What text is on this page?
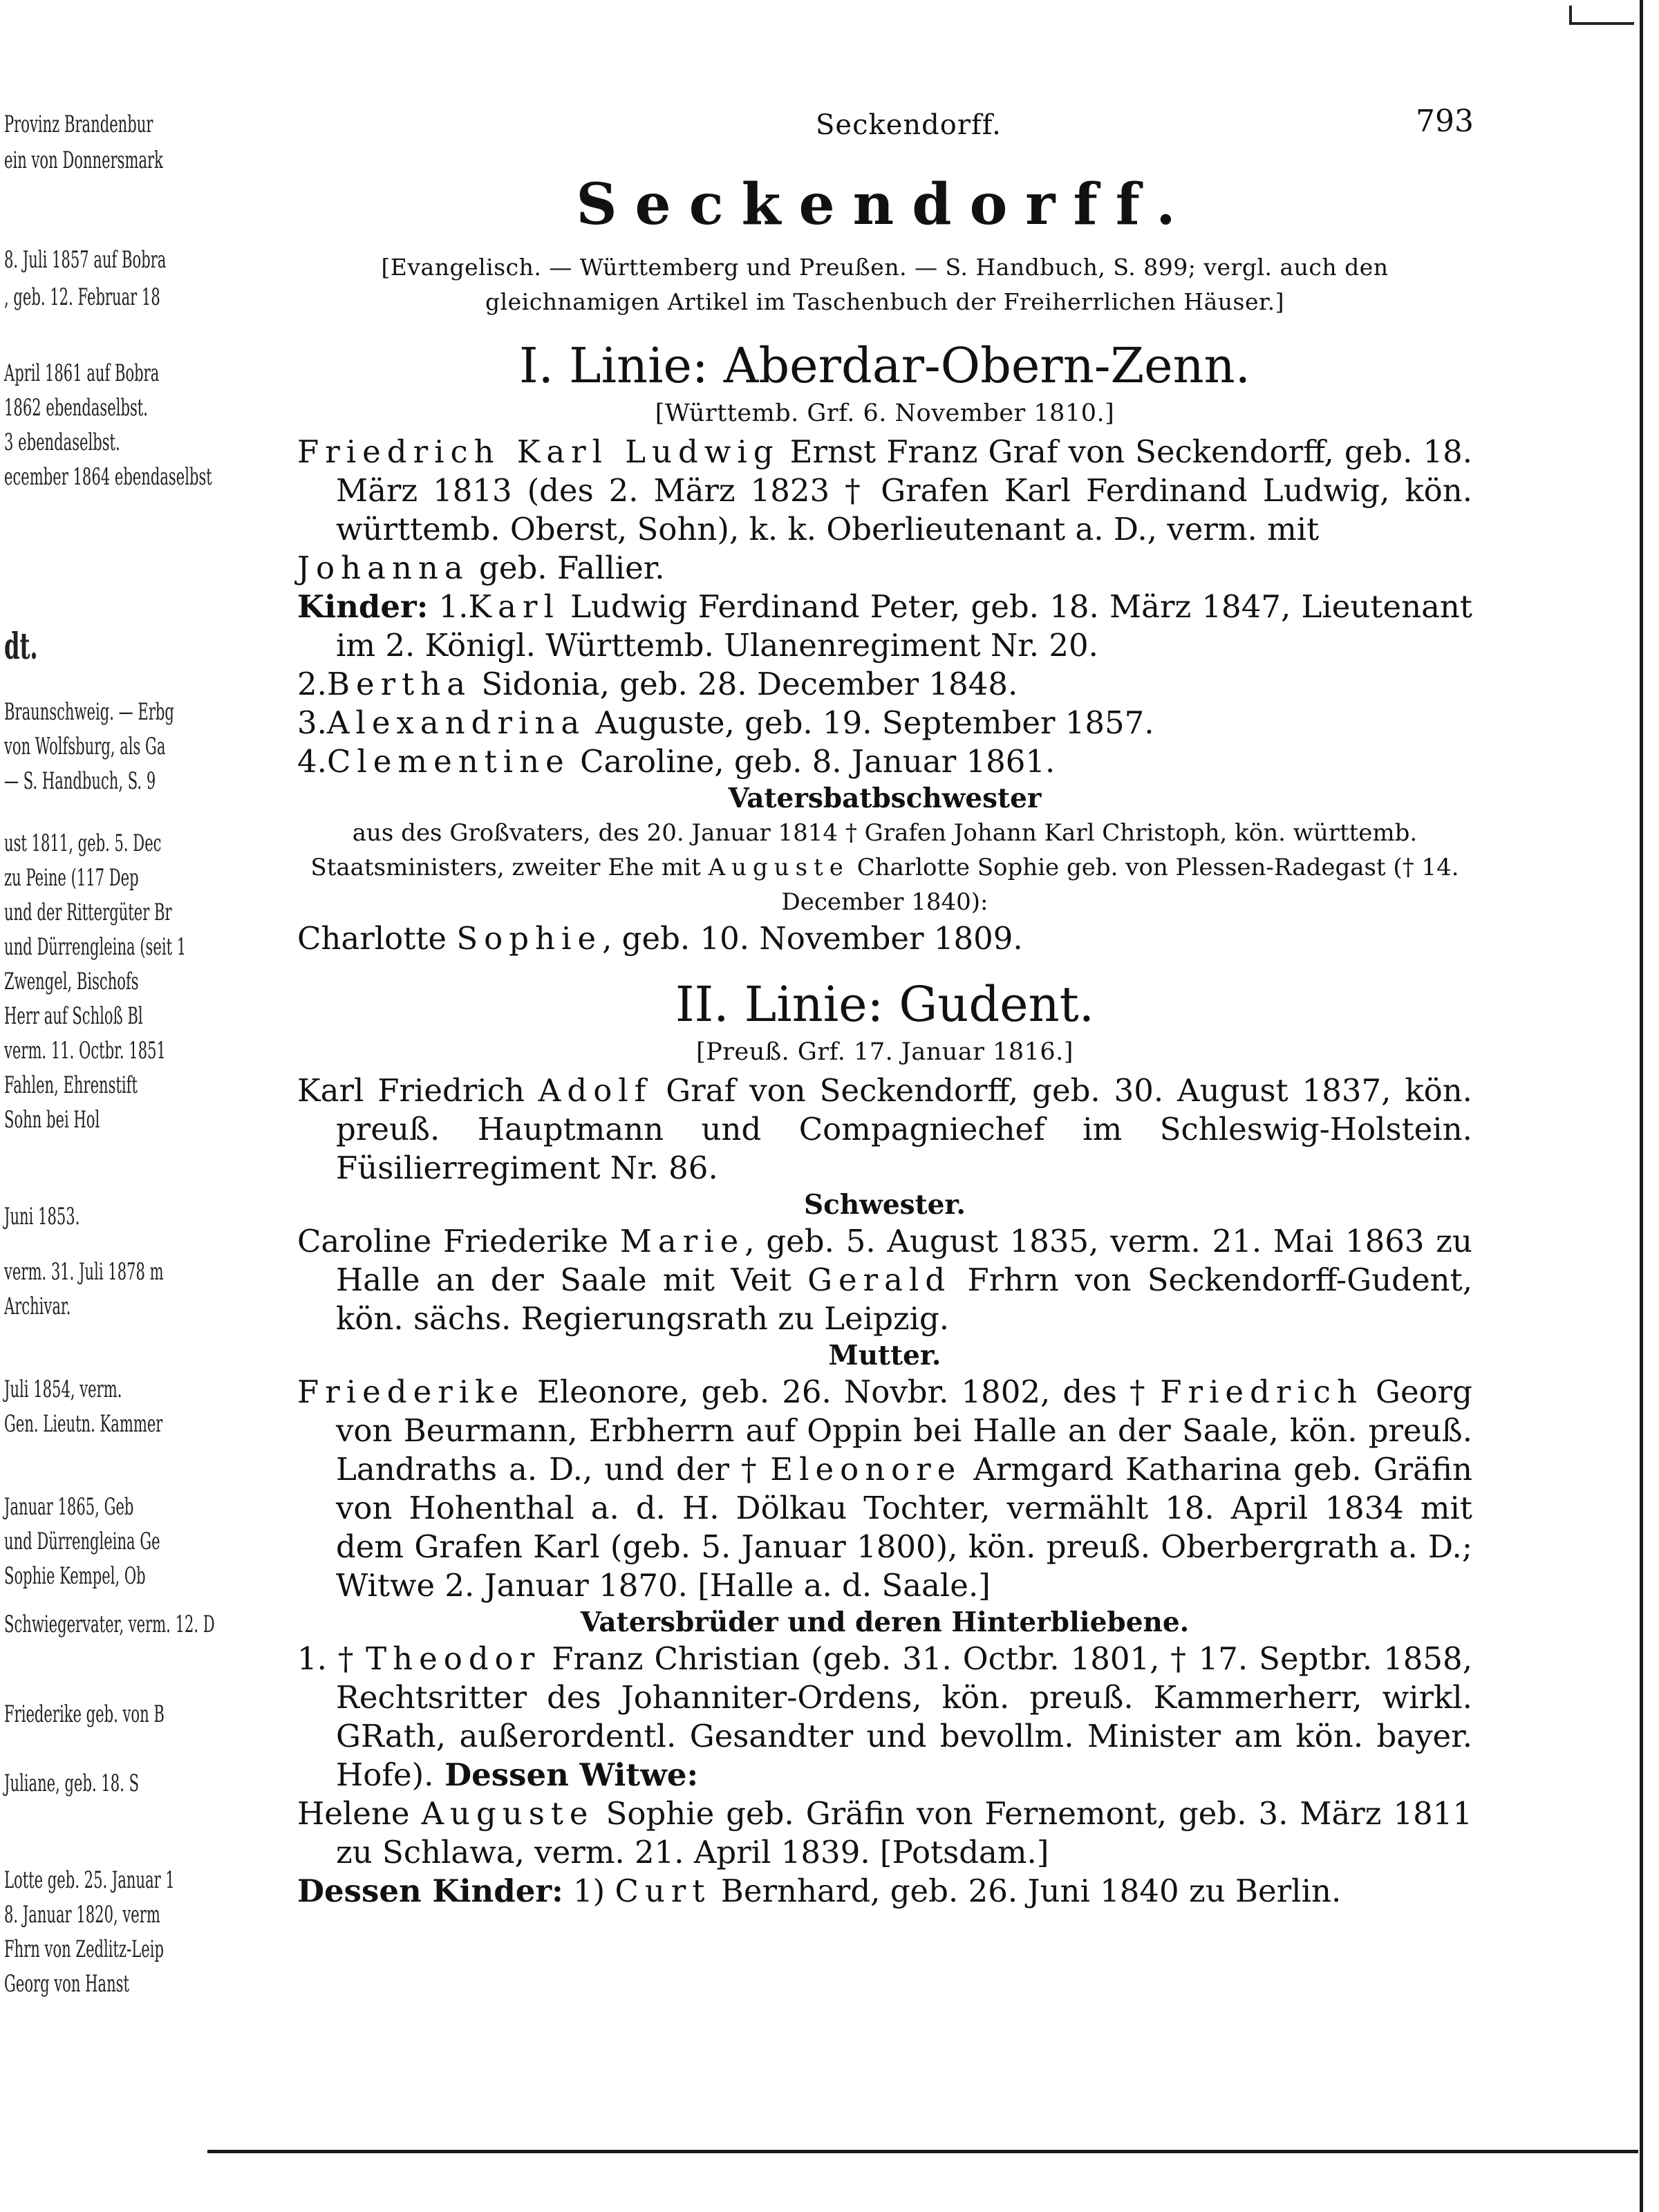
Provinz Brandenbur
ein von Donnersmark
8. Juli 1857 auf Bobra
, geb. 12. Februar 18
April 1861 auf Bobra
1862 ebendaselbst.
3 ebendaselbst.
ecember 1864 ebendaselbst
dt.
Braunschweig. — Erbg
von Wolfsburg, als Ga
— S. Handbuch, S. 9
ust 1811, geb. 5. Dec
zu Peine (117 Dep
und der Rittergüter Br
und Dürrengleina (seit 1
Zwengel, Bischofs
Herr auf Schloß Bl
verm. 11. Octbr. 1851
Fahlen, Ehrenstift
Sohn bei Hol
Juni 1853.
verm. 31. Juli 1878 m
Archivar.
Juli 1854, verm.
Gen. Lieutn. Kammer
Januar 1865, Geb
und Dürrengleina Ge
Sophie Kempel, Ob
Schwiegervater, verm. 12. D
Friederike geb. von B
Juliane, geb. 18. S
Lotte geb. 25. Januar 1
8. Januar 1820, verm
Fhrn von Zedlitz-Leip
Georg von Hanst
Seckendorff.	793
Seckendorff.
[Evangelisch. — Württemberg und Preußen. — S. Handbuch, S. 899; vergl. auch den gleichnamigen Artikel im Taschenbuch der Freiherrlichen Häuser.]
I. Linie: Aberdar-Obern-Zenn.
[Württemb. Grf. 6. November 1810.]
Friedrich Karl Ludwig Ernst Franz Graf von Seckendorff, geb. 18. März 1813 (des 2. März 1823 † Grafen Karl Ferdinand Ludwig, kön. württemb. Oberst, Sohn), k. k. Oberlieutenant a. D., verm. mit
Johanna geb. Fallier.
Kinder: 1.Karl Ludwig Ferdinand Peter, geb. 18. März 1847, Lieutenant im 2. Königl. Württemb. Ulanenregiment Nr. 20.
2.Bertha Sidonia, geb. 28. December 1848.
3.Alexandrina Auguste, geb. 19. September 1857.
4.Clementine Caroline, geb. 8. Januar 1861.
Vatersbatbschwester
aus des Großvaters, des 20. Januar 1814 † Grafen Johann Karl Christoph, kön. württemb. Staatsministers, zweiter Ehe mit Auguste Charlotte Sophie geb. von Plessen-Radegast († 14. December 1840):
Charlotte Sophie, geb. 10. November 1809.
II. Linie: Gudent.
[Preuß. Grf. 17. Januar 1816.]
Karl Friedrich Adolf Graf von Seckendorff, geb. 30. August 1837, kön. preuß. Hauptmann und Compagniechef im Schleswig-Holstein. Füsilierregiment Nr. 86.
Schwester.
Caroline Friederike Marie, geb. 5. August 1835, verm. 21. Mai 1863 zu Halle an der Saale mit Veit Gerald Frhrn von Seckendorff-Gudent, kön. sächs. Regierungsrath zu Leipzig.
Mutter.
Friederike Eleonore, geb. 26. Novbr. 1802, des † Friedrich Georg von Beurmann, Erbherrn auf Oppin bei Halle an der Saale, kön. preuß. Landraths a. D., und der † Eleonore Armgard Katharina geb. Gräfin von Hohenthal a. d. H. Dölkau Tochter, vermählt 18. April 1834 mit dem Grafen Karl (geb. 5. Januar 1800), kön. preuß. Oberbergrath a. D.; Witwe 2. Januar 1870. [Halle a. d. Saale.]
Vatersbrüder und deren Hinterbliebene.
1. † Theodor Franz Christian (geb. 31. Octbr. 1801, † 17. Septbr. 1858, Rechtsritter des Johanniter-Ordens, kön. preuß. Kammerherr, wirkl. GRath, außerordentl. Gesandter und bevollm. Minister am kön. bayer. Hofe). Dessen Witwe:
Helene Auguste Sophie geb. Gräfin von Fernemont, geb. 3. März 1811 zu Schlawa, verm. 21. April 1839. [Potsdam.]
Dessen Kinder: 1) Curt Bernhard, geb. 26. Juni 1840 zu Berlin.
